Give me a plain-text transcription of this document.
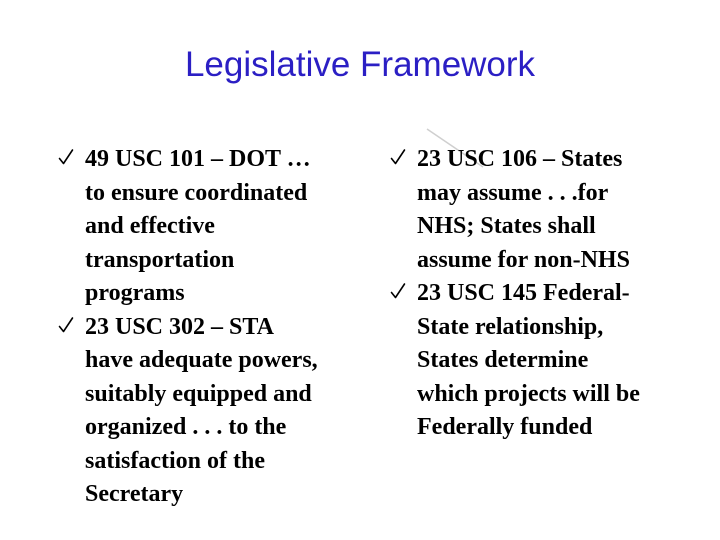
Legislative Framework
49 USC 101 – DOT …
to ensure coordinated
and effective
transportation
programs
23 USC 302 – STA
have adequate powers,
suitably equipped and
organized . . . to the
satisfaction of the
Secretary
23 USC 106 – States
may assume . . .for
NHS; States shall
assume for non-NHS
23 USC 145 Federal-
State relationship,
States determine
which projects will be
Federally funded
